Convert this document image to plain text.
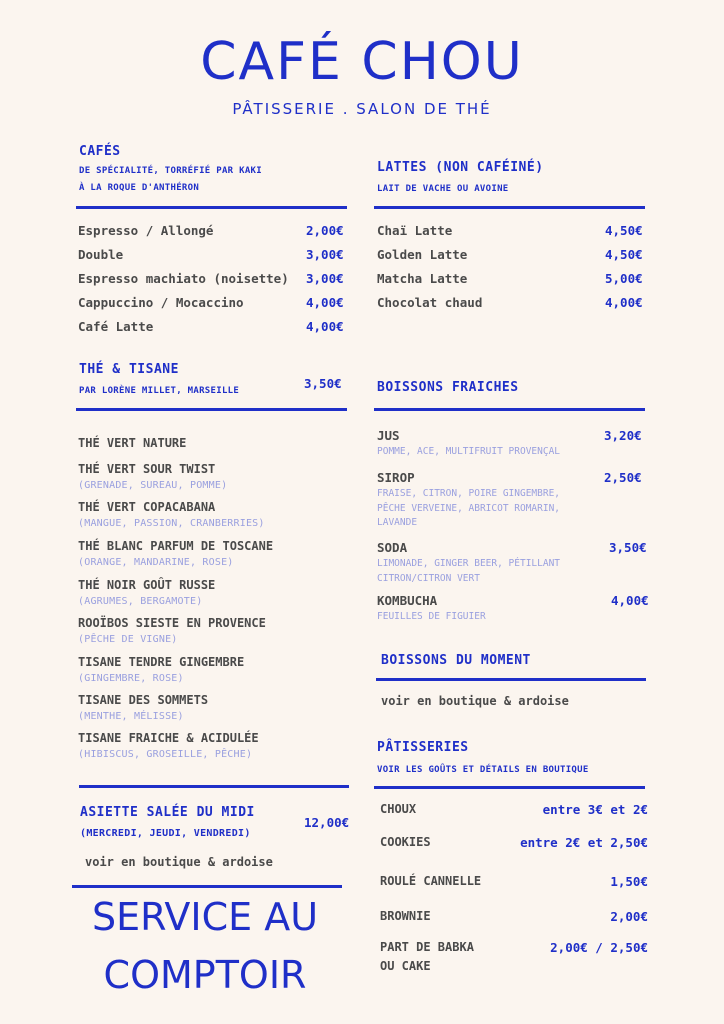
CAFÉ CHOU
PÂTISSERIE . SALON DE THÉ
CAFÉS
DE SPÉCIALITÉ, TORRÉFIÉ PAR KAKI
À LA ROQUE D'ANTHÉRON
LATTES (NON CAFÉINÉ)
LAIT DE VACHE OU AVOINE
THÉ & TISANE
PAR LORÈNE MILLET, MARSEILLE	3,50€	BOISSONS FRAICHES
BOISSONS DU MOMENT
voir en boutique & ardoise
PÂTISSERIES
VOIR LES GOÛTS ET DÉTAILS EN BOUTIQUE
ASIETTE SALÉE DU MIDI
(MERCREDI, JEUDI, VENDREDI)
12,00€
voir en boutique & ardoise
SERVICE AU
COMPTOIR
Espresso / Allongé	2,00€
Double	3,00€
Espresso machiato (noisette) 3,00€
Cappuccino / Mocaccino	4,00€
Café Latte	4,00€
Chaï Latte	4,50€
Golden Latte	4,50€
Matcha Latte	5,00€
Chocolat chaud	4,00€
THÉ VERT NATURE
THÉ VERT SOUR TWIST
(GRENADE, SUREAU, POMME)
THÉ VERT COPACABANA
(MANGUE, PASSION, CRANBERRIES)
THÉ BLANC PARFUM DE TOSCANE
(ORANGE, MANDARINE, ROSE)
THÉ NOIR GOÛT RUSSE
(AGRUMES, BERGAMOTE)
ROOÏBOS SIESTE EN PROVENCE
(PÊCHE DE VIGNE)
TISANE TENDRE GINGEMBRE
(GINGEMBRE, ROSE)
TISANE DES SOMMETS
(MENTHE, MÉLISSE)
TISANE FRAICHE & ACIDULÉE
(HIBISCUS, GROSEILLE, PÊCHE)
JUS	3,20€
POMME, ACE, MULTIFRUIT PROVENÇAL
SIROP	2,50€
FRAISE, CITRON, POIRE GINGEMBRE, PÊCHE VERVEINE, ABRICOT ROMARIN, LAVANDE
SODA	3,50€
LIMONADE, GINGER BEER, PÉTILLANT CITRON/CITRON VERT
KOMBUCHA	4,00€
FEUILLES DE FIGUIER
CHOUX	entre 3€ et 2€
COOKIES	entre 2€ et 2,50€
ROULÉ CANNELLE	1,50€
BROWNIE	2,00€
PART DE BABKA
OU CAKE
2,00€ / 2,50€
